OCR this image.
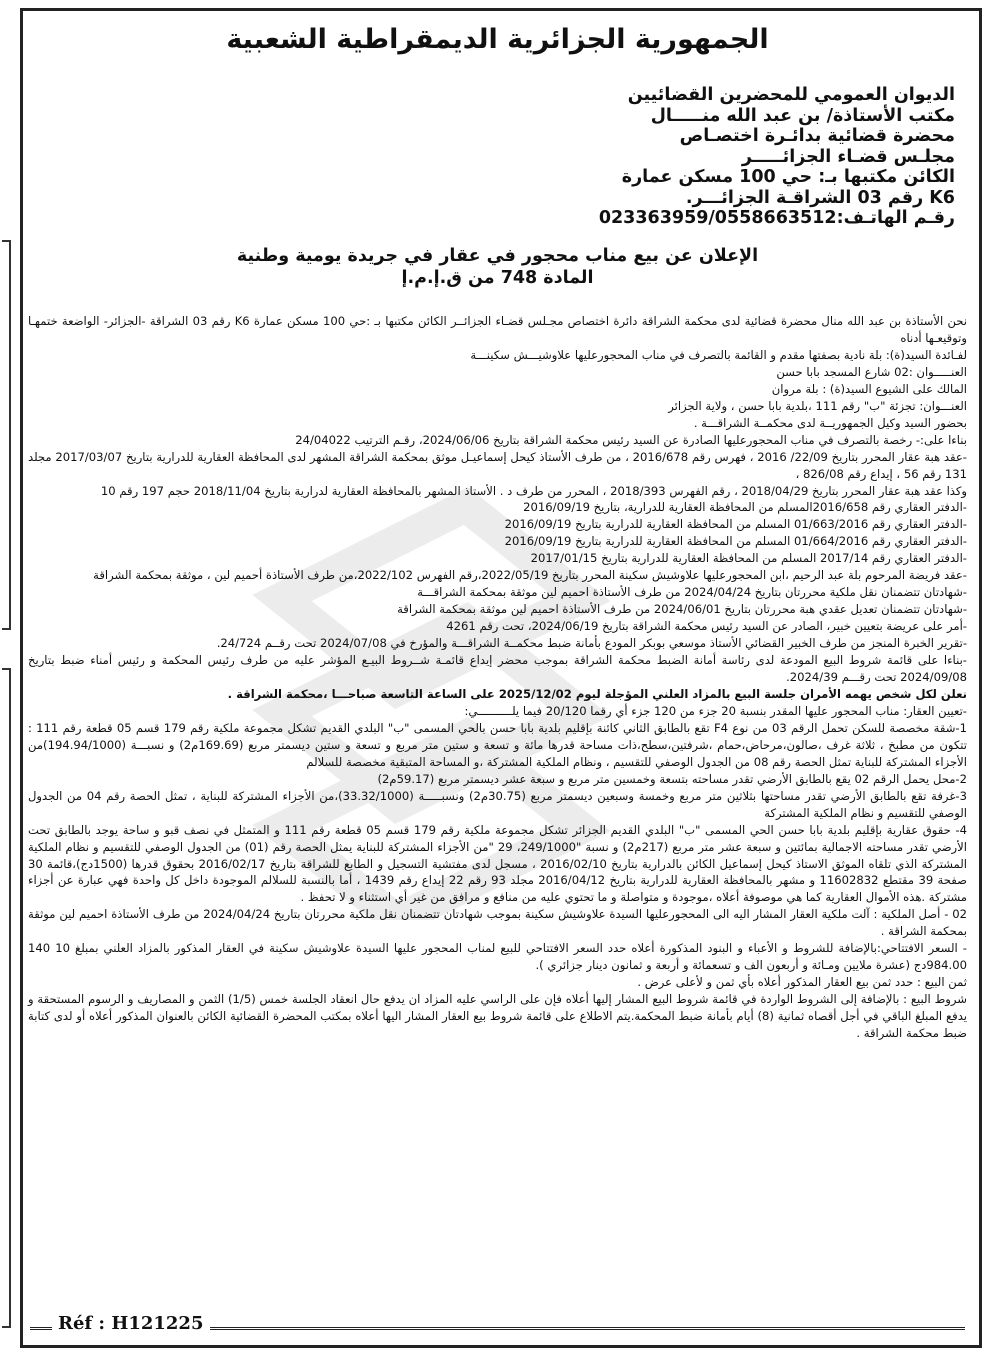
الجمهورية الجزائرية الديمقراطية الشعبية
الديوان العمومي للمحضرين القضائيين
مكتب الأستاذة/ بن عبد الله منـــــال
محضرة قضائية بدائـرة اختصـاص
مجلـس قضـاء الجزائـــــر
الكائن مكتبها بـ: حي 100 مسكن عمارة
K6 رقم 03 الشراقـة الجزائـــر.
رقـم الهاتـف:023363959/0558663512
الإعلان عن بيع مناب محجور في عقار في جريدة يومية وطنية
المادة 748 من ق.إ.م.إ

نحن الأستاذة بن عبد الله منال محضرة قضائية لدى محكمة الشراقة دائرة اختصاص مجـلس قضـاء الجزائــر الكائن مكتبها بـ :حي 100 مسكن عمارة K6 رقم 03 الشراقة -الجزائر- الواضعة ختمهـا وتوقيعـها أدناه

لفـائدة السيد(ة): بلة نادية بصفتها مقدم و القائمة بالتصرف في مناب المحجورعليها علاوشيـــش سكينـــة

العنـــــوان :02 شارع المسجد بابا حسن

المالك على الشيوع السيد(ة) : بلة مروان

العنـــوان: تجزئة "ب" رقم 111 ،بلدية بابا حسن ، ولاية الجزائر

بحضور السيد وكيل الجمهوريــة لدى محكمــة الشراقـــة .

بناءا على:- رخصة بالتصرف في مناب المحجورعليها الصادرة عن السيد رئيس محكمة الشراقة بتاريخ 2024/06/06، رقـم الترتيب 24/04022

-عقد هبة عقار المحرر بتاريخ 22/09/ 2016 ، فهرس رقم 2016/678 ، من طرف الأستاذ كيحل إسماعيـل موثق بمحكمة الشراقة المشهر لدى المحافظة العقارية للدرارية بتاريخ 2017/03/07 مجلد 131 رقم 56 ، إيداع رقم 826/08 ،

وكذا عقد هبة عقار المحرر بتاريخ 2018/04/29 ، رقم الفهرس 2018/393 ، المحرر من طرف د . الأستاذ المشهر بالمحافظة العقارية لدرارية بتاريخ 2018/11/04 حجم 197 رقم 10

-الدفتر العقاري رقم 2016/658المسلم من المحافظة العقارية للدرارية، بتاريخ 2016/09/19

-الدفتر العقاري رقم 01/663/2016 المسلم من المحافظة العقارية للدرارية بتاريخ 2016/09/19

-الدفتر العقاري رقم 01/664/2016 المسلم من المحافظة العقارية للدرارية بتاريخ 2016/09/19

-الدفتر العقاري رقم 2017/14 المسلم من المحافظة العقارية للدرارية بتاريخ 2017/01/15

-عقد فريضة المرحوم بلة عبد الرحيم ،ابن المحجورعليها علاوشيش سكينة المحرر بتاريخ 2022/05/19،رقم الفهرس 2022/102،من طرف الأستاذة أحميم لين ، موثقة بمحكمة الشراقة

-شهادتان تتضمنان نقل ملكية محررتان بتاريخ 2024/04/24 من طرف الأستاذة احميم لين موثقة بمحكمة الشراقـــة

-شهادتان تتضمنان تعديل عقدي هبة محررتان بتاريخ 2024/06/01 من طرف الأستاذة احميم لين موثقة بمحكمة الشراقة

-أمر على عريضة بتعيين خبير، الصادر عن السيد رئيس محكمة الشراقة بتاريخ 2024/06/19، تحت رقم 4261

-تقرير الخبرة المنجز من طرف الخبير القضائي الأستاذ موسعي بوبكر المودع بأمانة ضبط محكمــة الشراقـــة والمؤرخ في 2024/07/08 تحت رقــم 24/724.

-بناءا على قائمة شروط البيع المودعة لدى رئاسة أمانة الضبط محكمة الشراقة بموجب محضر إيداع قائمـة شــروط البيـع المؤشر عليه من طرف رئيس المحكمة و رئيس أمناء ضبط بتاريخ 2024/09/08 تحت رقـــم 2024/39.

نعلن لكل شخص يهمه الأمران جلسة البيع بالمزاد العلني المؤجلة ليوم 2025/12/02 على الساعة التاسعة صباحـــا ،محكمة الشراقة .

-تعيين العقار: مناب المحجور عليها المقدر بنسبة 20 جزء من 120 جزء أي رقما 20/120 فيما يلــــــــــي:

1-شقة مخصصة للسكن تحمل الرقم 03 من نوع F4 تقع بالطابق الثاني كائنة بإقليم بلدية بابا حسن بالحي المسمى "ب" البلدي القديم تشكل مجموعة ملكية رقم 179 قسم 05 قطعة رقم 111 : تتكون من مطبخ ، ثلاثة غرف ،صالون،مرحاض،حمام ،شرفتين،سطح،ذات مساحة قدرها مائة و تسعة و ستين متر مربع و تسعة و ستين ديسمتر مربع (169.69م2) و نسبـــة (194.94/1000)من الأجزاء المشتركة للبناية تمثل الحصة رقم 08 من الجدول الوصفي للتقسيم ، ونظام الملكية المشتركة ،و المساحة المتبقية مخصصة للسلالم

2-محل يحمل الرقم 02 يقع بالطابق الأرضي تقدر مساحته بتسعة وخمسين متر مربع و سبعة عشر ديسمتر مربع (59.17م2)

3-غرفة تقع بالطابق الأرضي تقدر مساحتها بثلاثين متر مربع وخمسة وسبعين ديسمتر مربع (30.75م2) ونسبـــــة (33.32/1000)،من الأجزاء المشتركة للبناية ، تمثل الحصة رقم 04 من الجدول الوصفي للتقسيم و نظام الملكية المشتركة

4- حقوق عقارية بإقليم بلدية بابا حسن الحي المسمى "ب" البلدي القديم الجزائر تشكل مجموعة ملكية رقم 179 قسم 05 قطعة رقم 111 و المتمثل في نصف قبو و ساحة يوجد بالطابق تحت الأرضي تقدر مساحته الاجمالية بمائتين و سبعة عشر متر مربع (217م2) و نسبة "249/1000، 29 "من الأجزاء المشتركة للبناية يمثل الحصة رقم (01) من الجدول الوصفي للتقسيم و نظام الملكية المشتركة الذي تلقاه الموثق الاستاذ كيحل إسماعيل الكائن بالدرارية بتاريخ 2016/02/10 ، مسجل لدى مفتشية التسجيل و الطابع للشراقة بتاريخ 2016/02/17 بحقوق قدرها (1500دج)،قائمة 30 صفحة 39 مقتطع 11602832 و مشهر بالمحافظة العقارية للدرارية بتاريخ 2016/04/12 مجلد 93 رقم 22 إيداع رقم 1439 ، أما بالنسبة للسلالم الموجودة داخل كل واحدة فهي عبارة عن أجزاء مشتركة .هذه الأموال العقارية كما هي موصوفة أعلاه ،موجودة و متواصلة و ما تحتوي عليه من منافع و مرافق من غير أي استثناء و لا تحفظ .

02 - أصل الملكية : آلت ملكية العقار المشار اليه الى المحجورعليها السيدة علاوشيش سكينة بموجب شهادتان تتضمنان نقل ملكية محررتان بتاريخ 2024/04/24 من طرف الأستاذة احميم لين موثقة بمحكمة الشراقة .

- السعر الافتتاحي:بالإضافة للشروط و الأعباء و البنود المذكورة أعلاه حدد السعر الافتتاحي للبيع لمناب المحجور عليها السيدة علاوشيش سكينة في العقار المذكور بالمزاد العلني بمبلغ 10 140 984.00دج (عشرة ملايين ومـائة و أربعون الف و تسعمائة و أربعة و ثمانون دينار جزائري ).

ثمن البيع : حدد ثمن بيع العقار المذكور أعلاه بأي ثمن و لأعلى عرض .

شروط البيع : بالإضافة إلى الشروط الواردة في قائمة شروط البيع المشار إليها أعلاه فإن على الراسي عليه المزاد ان يدفع حال انعقاد الجلسة خمس (1/5) الثمن و المصاريف و الرسوم المستحقة و يدفع المبلغ الباقي في أجل أقصاه ثمانية (8) أيام بأمانة ضبط المحكمة.يتم الاطلاع على قائمة شروط بيع العقار المشار اليها أعلاه بمكتب المحضرة القضائية الكائن بالعنوان المذكور أعلاه أو لدى كتابة ضبط محكمة الشراقة .

Réf : H121225
